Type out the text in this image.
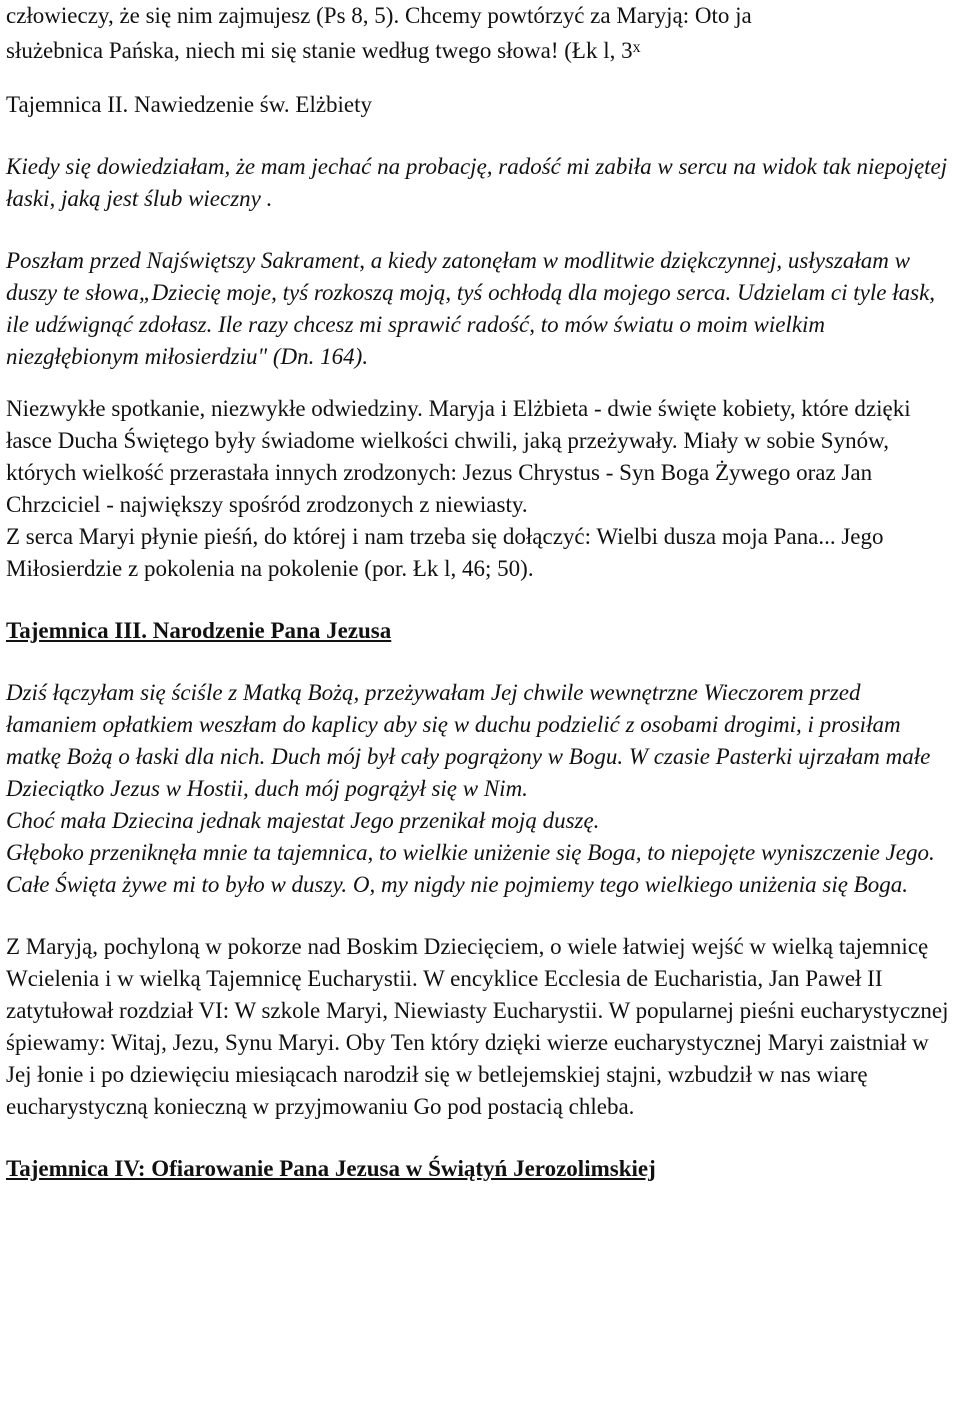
człowieczy, że się nim zajmujesz (Ps 8, 5). Chcemy powtórzyć za Maryją: Oto ja
służebnica Pańska, niech mi się stanie według twego słowa! (Łk l, 3$^x$

Tajemnica II. Nawiedzenie św. Elżbiety

Kiedy się dowiedziałam, że mam jechać na probację, radość mi zabiła w sercu na widok tak niepojętej łaski, jaką jest ślub wieczny .

Poszłam przed Najświętszy Sakrament, a kiedy zatonęłam w modlitwie dziękczynnej, usłyszałam w duszy te słowa„Dziecię moje, tyś rozkoszą moją, tyś ochłodą dla mojego serca. Udzielam ci tyle łask, ile udźwignąć zdołasz. Ile razy chcesz mi sprawić radość, to mów światu o moim wielkim niezgłębionym miłosierdziu" (Dn. 164).

Niezwykłe spotkanie, niezwykłe odwiedziny. Maryja i Elżbieta - dwie święte kobiety, które dzięki łasce Ducha Świętego były świadome wielkości chwili, jaką przeżywały. Miały w sobie Synów, których wielkość przerastała innych zrodzonych: Jezus Chrystus - Syn Boga Żywego oraz Jan Chrzciciel - największy spośród zrodzonych z niewiasty.

Z serca Maryi płynie pieśń, do której i nam trzeba się dołączyć: Wielbi dusza moja Pana... Jego Miłosierdzie z pokolenia na pokolenie (por. Łk l, 46; 50).

Tajemnica III. Narodzenie Pana Jezusa

Dziś łączyłam się ściśle z Matką Bożą, przeżywałam Jej chwile wewnętrzne Wieczorem przed łamaniem opłatkiem weszłam do kaplicy aby się w duchu podzielić z osobami drogimi, i prosiłam matkę Bożą o łaski dla nich. Duch mój był cały pogrążony w Bogu. W czasie Pasterki ujrzałam małe Dzieciątko Jezus w Hostii, duch mój pogrążył się w Nim.

Choć mała Dziecina jednak majestat Jego przenikał moją duszę.

Głęboko przeniknęła mnie ta tajemnica, to wielkie uniżenie się Boga, to niepojęte wyniszczenie Jego. Całe Święta żywe mi to było w duszy. O, my nigdy nie pojmiemy tego wielkiego uniżenia się Boga.

Z Maryją, pochyloną w pokorze nad Boskim Dziecięciem, o wiele łatwiej wejść w wielką tajemnicę Wcielenia i w wielką Tajemnicę Eucharystii. W encyklice Ecclesia de Eucharistia, Jan Paweł II zatytułował rozdział VI: W szkole Maryi, Niewiasty Eucharystii. W popularnej pieśni eucharystycznej śpiewamy: Witaj, Jezu, Synu Maryi. Oby Ten który dzięki wierze eucharystycznej Maryi zaistniał w Jej łonie i po dziewięciu miesiącach narodził się w betlejemskiej stajni, wzbudził w nas wiarę eucharystyczną konieczną w przyjmowaniu Go pod postacią chleba.

Tajemnica IV: Ofiarowanie Pana Jezusa w Świątyń Jerozolimskiej
